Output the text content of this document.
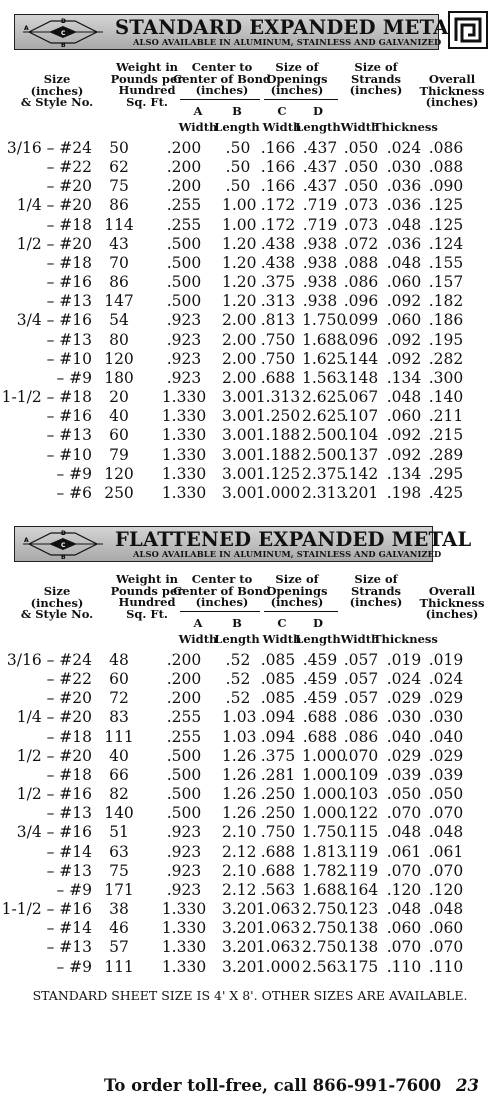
D
A
C
B
STANDARD EXPANDED METAL
ALSO AVAILABLE IN ALUMINUM, STAINLESS AND GALVANIZED
Size
(inches)
& Style No.
Weight in
Pounds per
Hundred
Sq. Ft.
Center to
Center of Bond
(inches)
Size of
Openings
(inches)
Size of
Strands
(inches)
Overall
Thickness
(inches)
A	B	C	D
Width
Length Width
Length Width
Thickness
3/16 – #24	50	.200	.50	.166	.437	.050	.024	.086
– #22	62	.200	.50	.166	.437	.050	.030	.088
– #20	75	.200	.50	.166	.437	.050	.036	.090
1/4 – #20	86	.255	1.00	.172	.719	.073	.036	.125
– #18	114	.255	1.00	.172	.719	.073	.048	.125
1/2 – #20	43	.500	1.20	.438	.938	.072	.036	.124
– #18	70	.500	1.20	.438	.938	.088	.048	.155
– #16	86	.500	1.20	.375	.938	.086	.060	.157
– #13	147	.500	1.20	.313	.938	.096	.092	.182
3/4 – #16	54	.923	2.00	.813	1.750	.099	.060	.186
– #13	80	.923	2.00	.750	1.688	.096	.092	.195
– #10	120	.923	2.00	.750	1.625	.144	.092	.282
– #9	180	.923	2.00	.688	1.563	.148	.134	.300
1-1/2 – #18	20	1.330	3.00	1.313	2.625	.067	.048	.140
– #16	40	1.330	3.00	1.250	2.625	.107	.060	.211
– #13	60	1.330	3.00	1.188	2.500	.104	.092	.215
– #10	79	1.330	3.00	1.188	2.500	.137	.092	.289
– #9	120	1.330	3.00	1.125	2.375	.142	.134	.295
– #6	250	1.330	3.00	1.000	2.313	.201	.198	.425
D
A
C
B
FLATTENED EXPANDED METAL
ALSO AVAILABLE IN ALUMINUM, STAINLESS AND GALVANIZED
Size
(inches)
& Style No.
Weight in
Pounds per
Hundred
Sq. Ft.
Center to
Center of Bond
(inches)
Size of
Openings
(inches)
Size of
Strands
(inches)
Overall
Thickness
(inches)
A	B	C	D
Width
Length Width
Length Width
Thickness
3/16 – #24	48	.200	.52	.085	.459	.057	.019	.019
– #22	60	.200	.52	.085	.459	.057	.024	.024
– #20	72	.200	.52	.085	.459	.057	.029	.029
1/4 – #20	83	.255	1.03	.094	.688	.086	.030	.030
– #18	111	.255	1.03	.094	.688	.086	.040	.040
1/2 – #20	40	.500	1.26	.375	1.000	.070	.029	.029
– #18	66	.500	1.26	.281	1.000	.109	.039	.039
1/2 – #16	82	.500	1.26	.250	1.000	.103	.050	.050
– #13	140	.500	1.26	.250	1.000	.122	.070	.070
3/4 – #16	51	.923	2.10	.750	1.750	.115	.048	.048
– #14	63	.923	2.12	.688	1.813	.119	.061	.061
– #13	75	.923	2.10	.688	1.782	.119	.070	.070
– #9	171	.923	2.12	.563	1.688	.164	.120	.120
1-1/2 – #16	38	1.330	3.20	1.063	2.750	.123	.048	.048
– #14	46	1.330	3.20	1.063	2.750	.138	.060	.060
– #13	57	1.330	3.20	1.063	2.750	.138	.070	.070
– #9	111	1.330	3.20	1.000	2.563	.175	.110	.110
STANDARD SHEET SIZE IS 4' X 8'. OTHER SIZES ARE AVAILABLE.
To order toll-free, call 866-991-7600 23
